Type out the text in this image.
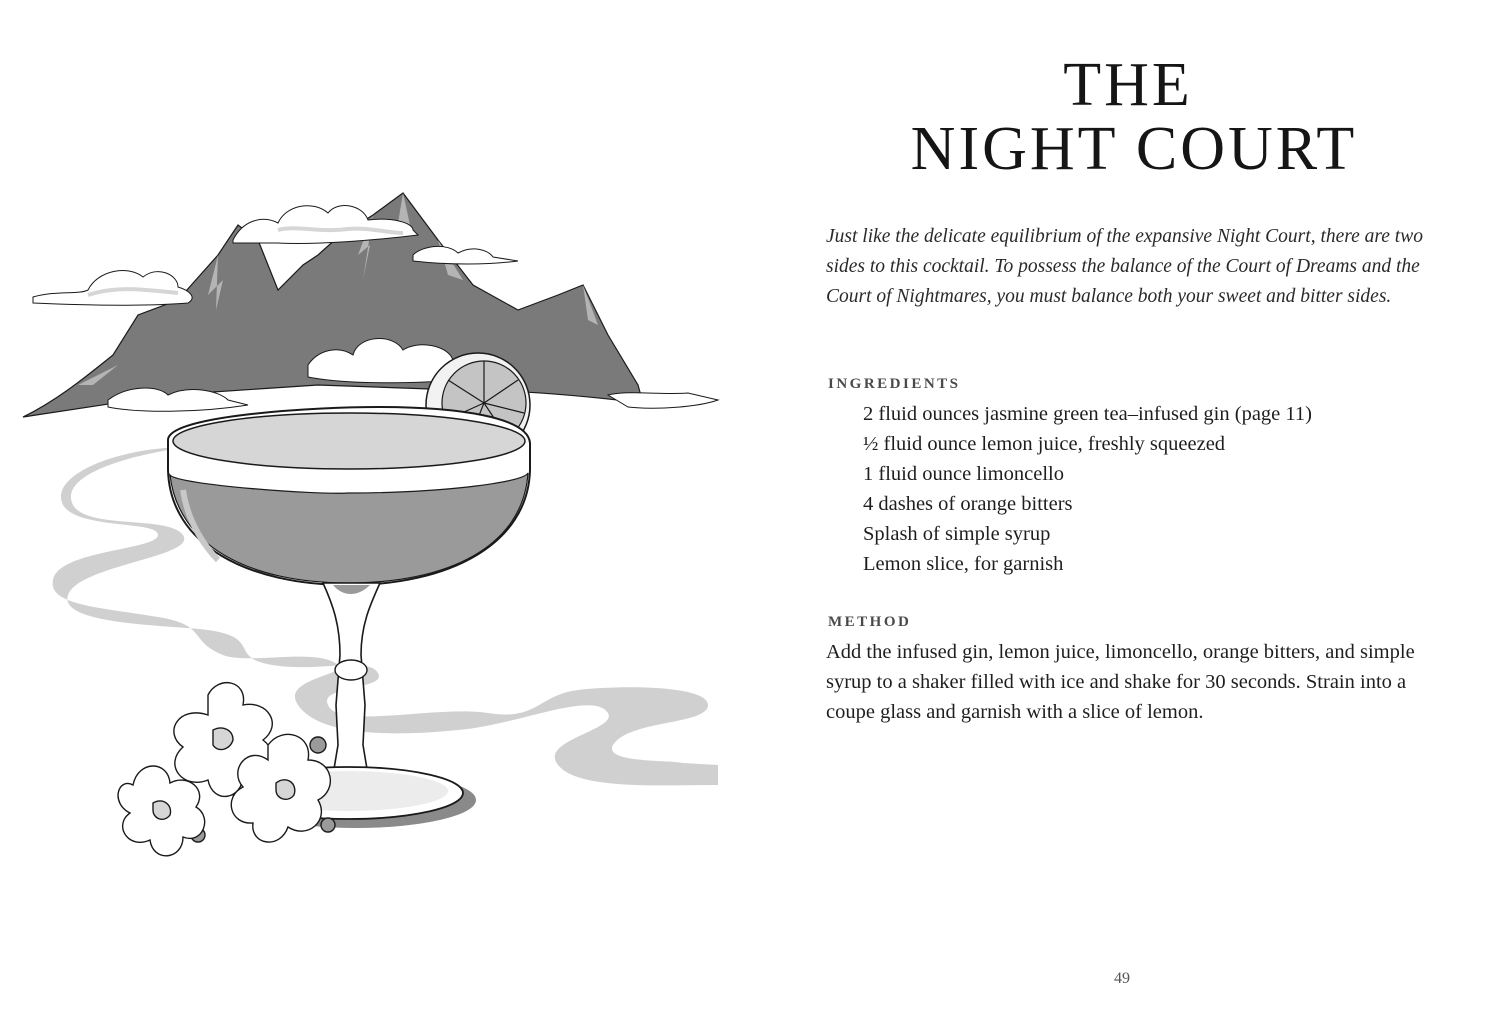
THE
NIGHT COURT

Just like the delicate equilibrium of the expansive Night Court, there are two sides to this cocktail. To possess the balance of the Court of Dreams and the Court of Nightmares, you must balance both your sweet and bitter sides.

INGREDIENTS
2 fluid ounces jasmine green tea–infused gin (page 11)
½ fluid ounce lemon juice, freshly squeezed
1 fluid ounce limoncello
4 dashes of orange bitters
Splash of simple syrup
Lemon slice, for garnish
METHOD

Add the infused gin, lemon juice, limoncello, orange bitters, and simple syrup to a shaker filled with ice and shake for 30 seconds. Strain into a coupe glass and garnish with a slice of lemon.

49
